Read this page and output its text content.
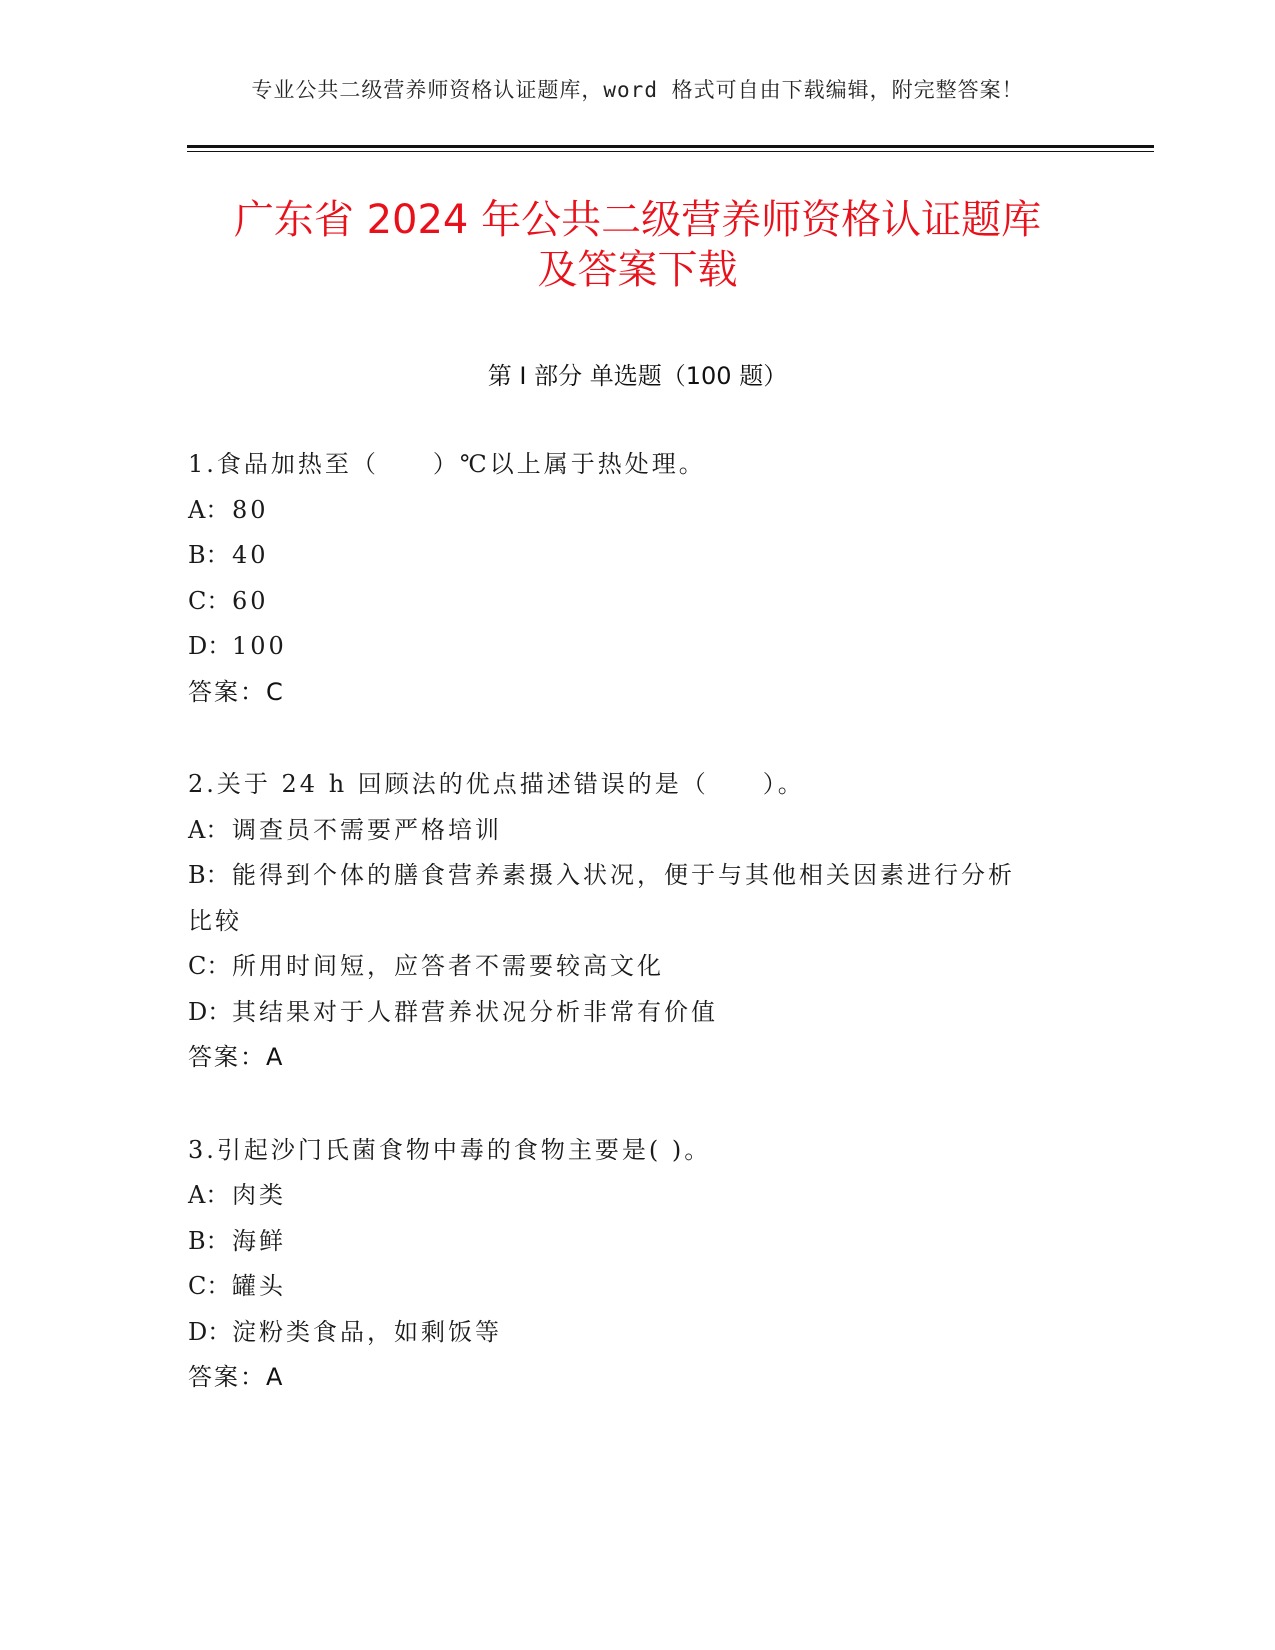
专业公共二级营养师资格认证题库，word 格式可自由下载编辑，附完整答案！
广东省 2024 年公共二级营养师资格认证题库
及答案下载
第 I 部分 单选题（100 题）
1.食品加热至（　　）℃以上属于热处理。
A： 80
B：40
C：60
D：100
答案：C
2.关于 24 h 回顾法的优点描述错误的是（　　）。
A： 调查员不需要严格培训
B：能得到个体的膳食营养素摄入状况，便于与其他相关因素进行分析
比较
C：所用时间短，应答者不需要较高文化
D：其结果对于人群营养状况分析非常有价值
答案：A
3.引起沙门氏菌食物中毒的食物主要是( )。
A： 肉类
B：海鲜
C：罐头
D：淀粉类食品，如剩饭等
答案：A
